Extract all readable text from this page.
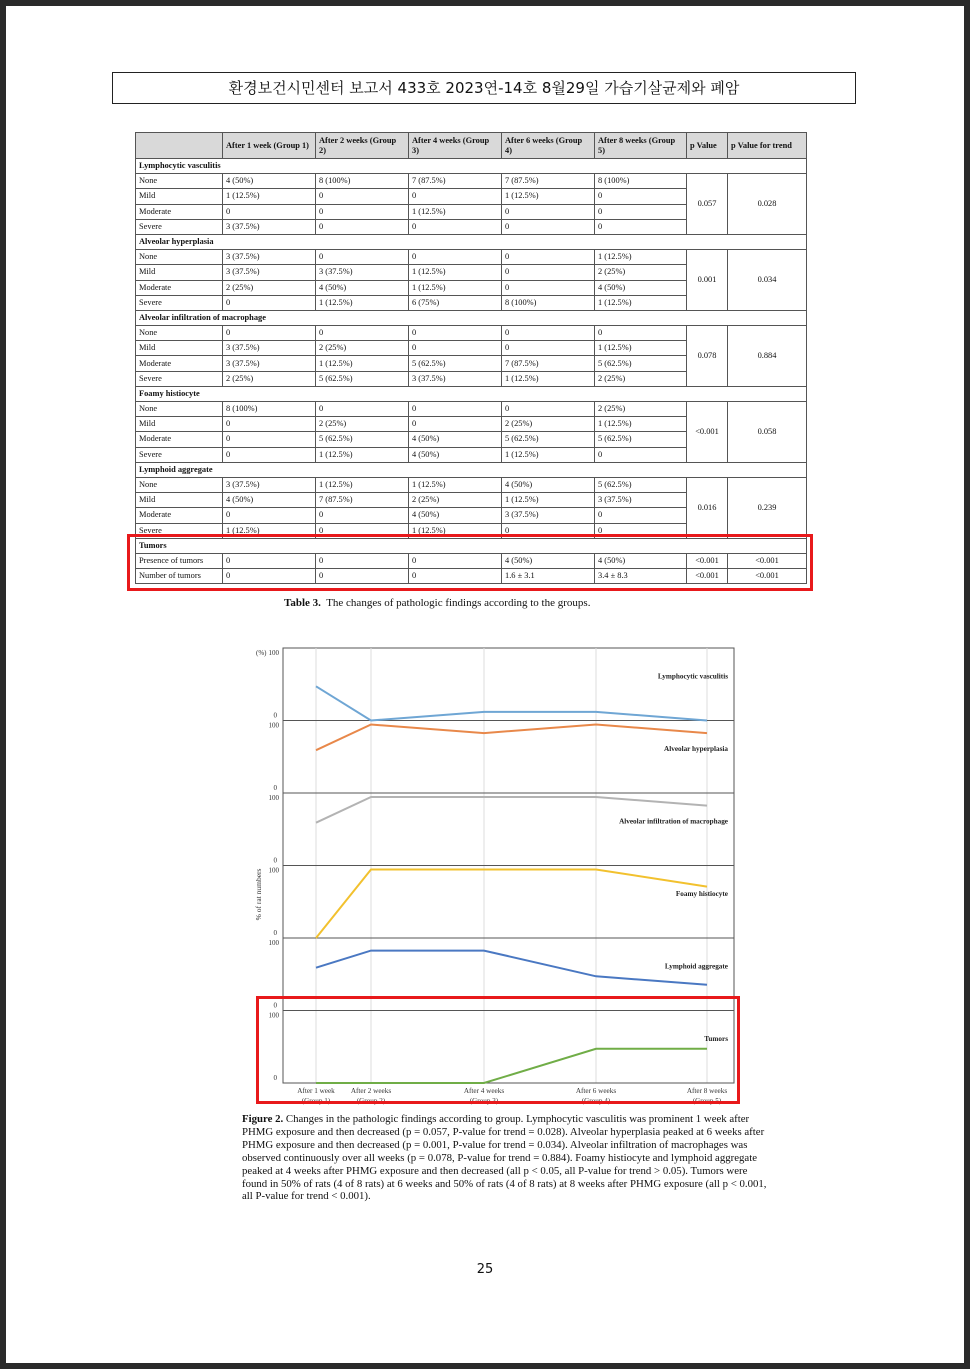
환경보건시민센터 보고서 433호 2023연-14호 8월29일 가습기살균제와 폐암
	After 1 week (Group 1)	After 2 weeks (Group 2)	After 4 weeks (Group 3)	After 6 weeks (Group 4)	After 8 weeks (Group 5)	p Value	p Value for trend
Lymphocytic vasculitis							
None	4 (50%)	8 (100%)	7 (87.5%)	7 (87.5%)	8 (100%)	0.057	0.028
Mild	1 (12.5%)	0	0	1 (12.5%)	0		
Moderate	0	0	1 (12.5%)	0	0		
Severe	3 (37.5%)	0	0	0	0		
Alveolar hyperplasia							
None	3 (37.5%)	0	0	0	1 (12.5%)	0.001	0.034
Mild	3 (37.5%)	3 (37.5%)	1 (12.5%)	0	2 (25%)		
Moderate	2 (25%)	4 (50%)	1 (12.5%)	0	4 (50%)		
Severe	0	1 (12.5%)	6 (75%)	8 (100%)	1 (12.5%)		
Alveolar infiltration of macrophage							
None	0	0	0	0	0	0.078	0.884
Mild	3 (37.5%)	2 (25%)	0	0	1 (12.5%)		
Moderate	3 (37.5%)	1 (12.5%)	5 (62.5%)	7 (87.5%)	5 (62.5%)		
Severe	2 (25%)	5 (62.5%)	3 (37.5%)	1 (12.5%)	2 (25%)		
Foamy histiocyte							
None	8 (100%)	0	0	0	2 (25%)	<0.001	0.058
Mild	0	2 (25%)	0	2 (25%)	1 (12.5%)		
Moderate	0	5 (62.5%)	4 (50%)	5 (62.5%)	5 (62.5%)		
Severe	0	1 (12.5%)	4 (50%)	1 (12.5%)	0		
Lymphoid aggregate							
None	3 (37.5%)	1 (12.5%)	1 (12.5%)	4 (50%)	5 (62.5%)	0.016	0.239
Mild	4 (50%)	7 (87.5%)	2 (25%)	1 (12.5%)	3 (37.5%)		
Moderate	0	0	4 (50%)	3 (37.5%)	0		
Severe	1 (12.5%)	0	1 (12.5%)	0	0		
Tumors							
Presence of tumors	0	0	0	4 (50%)	4 (50%)	<0.001	<0.001
Number of tumors	0	0	0	1.6 ± 3.1	3.4 ± 8.3	<0.001	<0.001
Table 3. The changes of pathologic findings according to the groups.
100
0
Lymphocytic vasculitis
100
0
Alveolar hyperplasia
100
0
Alveolar infiltration of macrophage
100
0
Foamy histiocyte
100
0
Lymphoid aggregate
100
0
Tumors
(%)
% of rat numbers
After 1 week
(Group 1)
After 2 weeks
(Group 2)
After 4 weeks
(Group 3)
After 6 weeks
(Group 4)
After 8 weeks
(Group 5)
Figure 2. Changes in the pathologic findings according to group. Lymphocytic vasculitis was prominent 1 week after PHMG exposure and then decreased (p = 0.057, P-value for trend = 0.028). Alveolar hyperplasia peaked at 6 weeks after PHMG exposure and then decreased (p = 0.001, P-value for trend = 0.034). Alveolar infiltration of macrophages was observed continuously over all weeks (p = 0.078, P-value for trend = 0.884). Foamy histiocyte and lymphoid aggregate peaked at 4 weeks after PHMG exposure and then decreased (all p < 0.05, all P-value for trend > 0.05). Tumors were found in 50% of rats (4 of 8 rats) at 6 weeks and 50% of rats (4 of 8 rats) at 8 weeks after PHMG exposure (all p < 0.001, all P-value for trend < 0.001).
25
